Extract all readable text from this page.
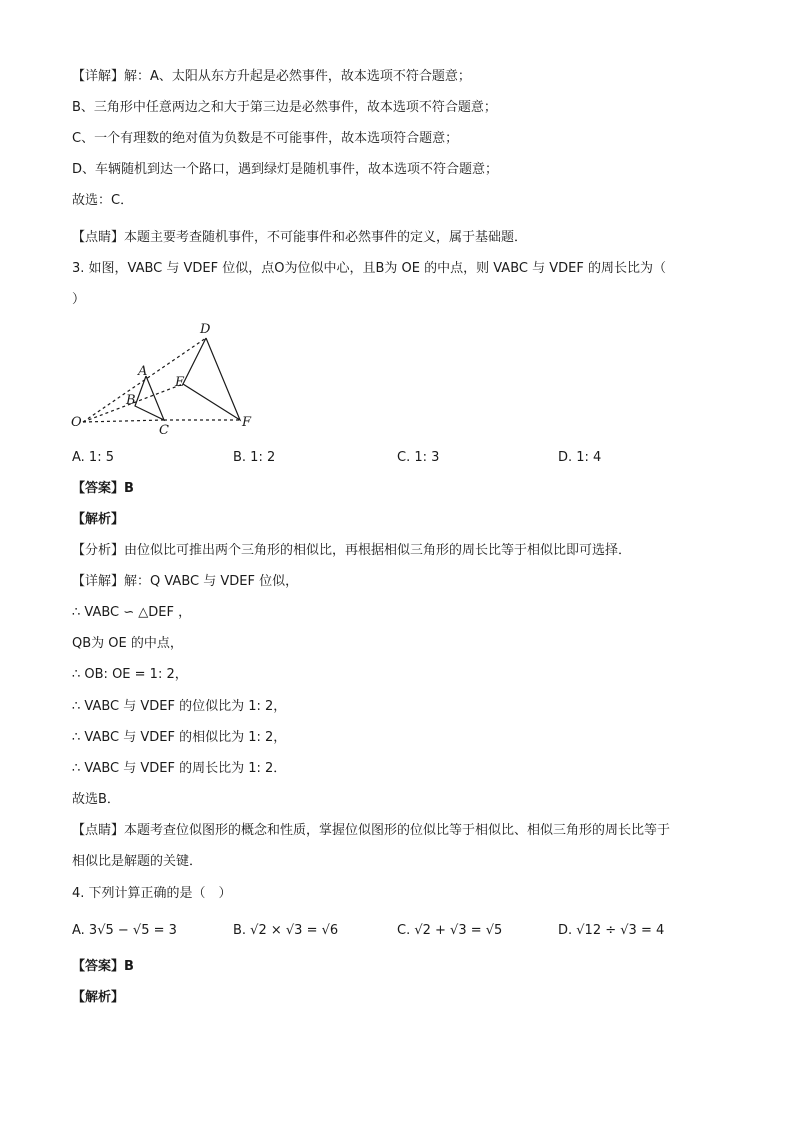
【详解】解：A、太阳从东方升起是必然事件，故本选项不符合题意；
B、三角形中任意两边之和大于第三边是必然事件，故本选项不符合题意；
C、一个有理数的绝对值为负数是不可能事件，故本选项符合题意；
D、车辆随机到达一个路口，遇到绿灯是随机事件，故本选项不符合题意；
故选：C．
【点睛】本题主要考查随机事件，不可能事件和必然事件的定义，属于基础题．
3. 如图，VABC 与 VDEF 位似，点O为位似中心，且B为 OE 的中点，则 VABC 与 VDEF 的周长比为（
）
O
A
B
C
D
E
F
A. 1: 5	B. 1: 2	C. 1: 3	D. 1: 4
【答案】B
【解析】
【分析】由位似比可推出两个三角形的相似比，再根据相似三角形的周长比等于相似比即可选择．
【详解】解：Q VABC 与 VDEF 位似，
∴ VABC ∽ △DEF ，
QB为 OE 的中点，
∴ OB: OE = 1: 2，
∴ VABC 与 VDEF 的位似比为 1: 2，
∴ VABC 与 VDEF 的相似比为 1: 2，
∴ VABC 与 VDEF 的周长比为 1: 2．
故选B．
【点睛】本题考查位似图形的概念和性质，掌握位似图形的位似比等于相似比、相似三角形的周长比等于
相似比是解题的关键．
4. 下列计算正确的是（　）
A. 3√5 − √5 = 3	B. √2 × √3 = √6	C. √2 + √3 = √5	D. √12 ÷ √3 = 4
【答案】B
【解析】
